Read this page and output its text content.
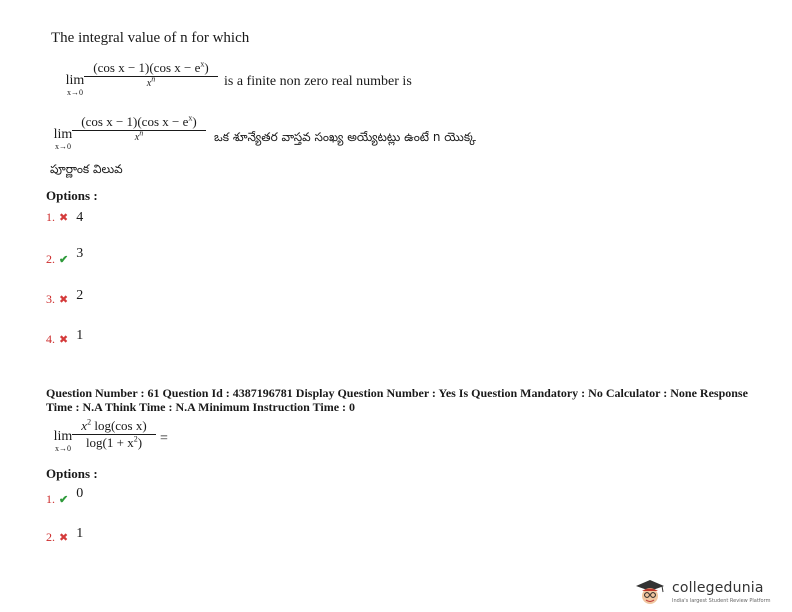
The integral value of n for which
lim
x→0
(cos x − 1)(cos $x - e^x$)
$x^n$	is a finite non zero real number is
lim
x→0
(cos x − 1)(cos $x - e^x$)
$x^n$	ఒక శూన్యేతర వాస్తవ సంఖ్య అయ్యేటట్లు ఉంటే n యొక్క
పూర్ణాంక విలువ
Options :
1. ✖ 4
2. ✔ 3
3. ✖ 2
4. ✖ 1
Question Number : 61 Question Id : 4387196781 Display Question Number : Yes Is Question Mandatory : No Calculator : None Response
Time : N.A Think Time : N.A Minimum Instruction Time : 0
lim
x→0
$x^2$ log(cos x)
$\log(1 + x^2)$	=
Options :
1. ✔ 0
2. ✖ 1
collegedunia
India's largest Student Review Platform
